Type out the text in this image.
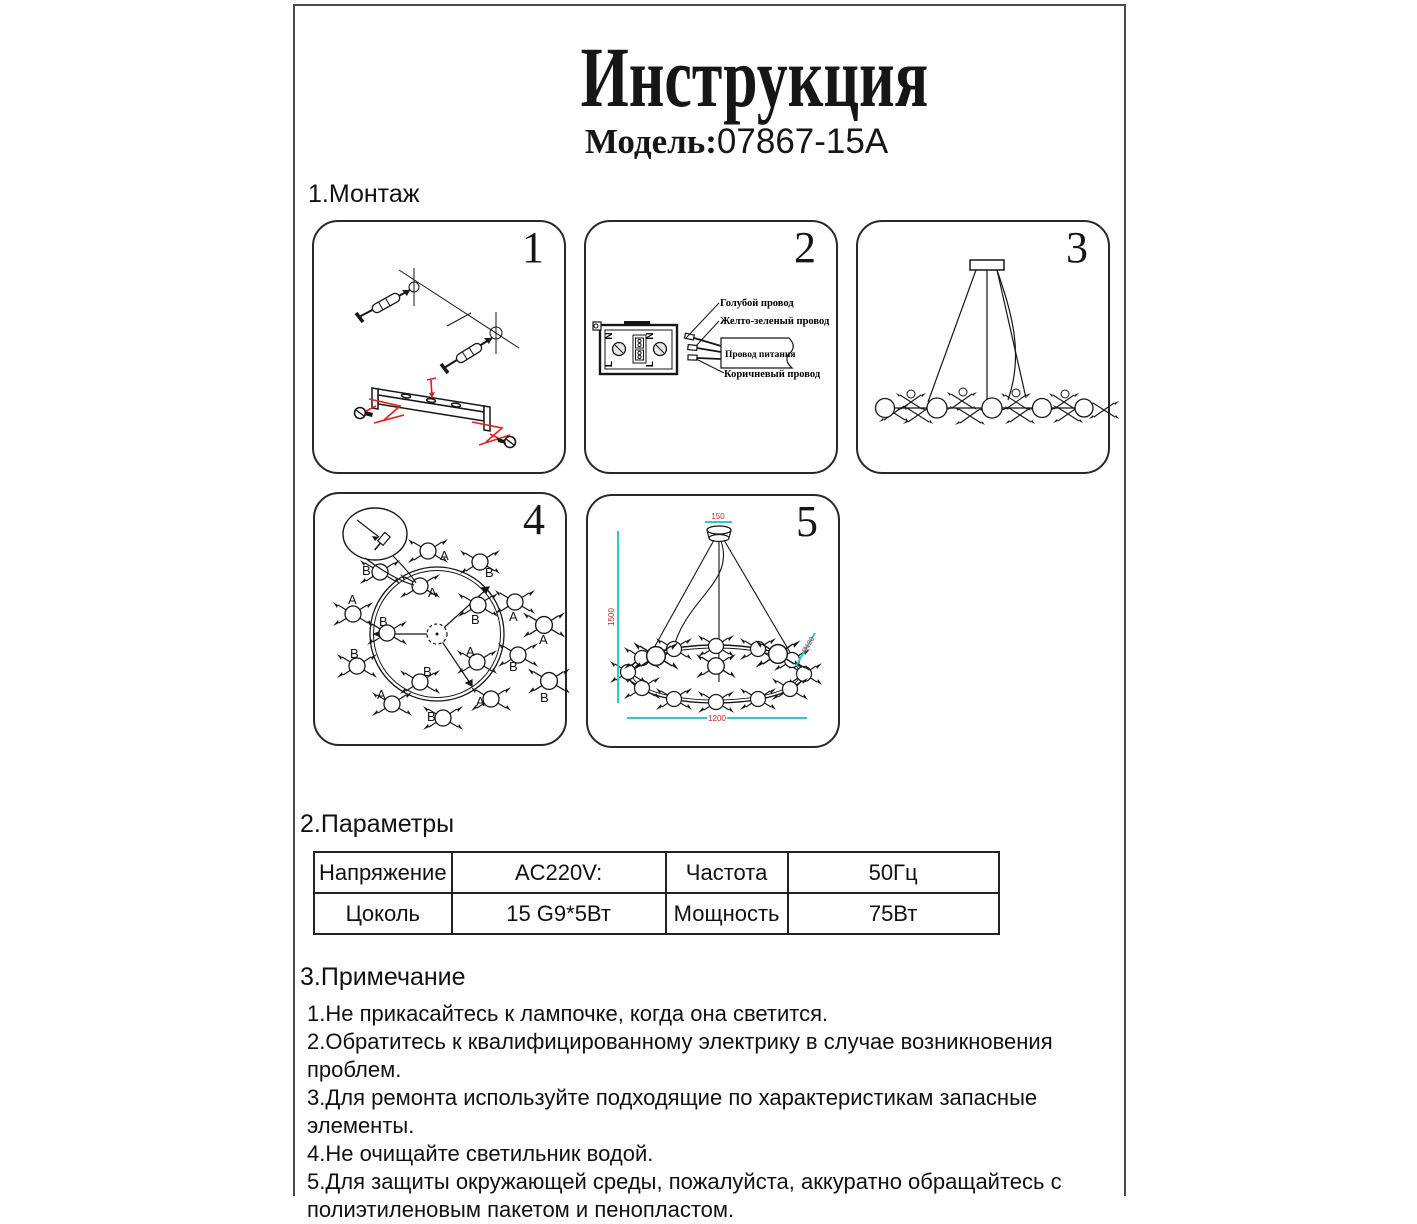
Инструкция
Модель:07867-15A
1.Монтаж
1
N
L
N
L
Голубой провод
Желто-зеленый провод
Провод питания
Коричневый провод
2	3
2.Параметры
A
B
B
A
A
B
A
B
B	A
B
B
A	A
B
A
B
4	150
1500
1200
Ø120
5
Напряжение	AC220V:	Частота	50Гц
Цоколь	15 G9*5Вт	Мощность	75Вт
3.Примечание
1.Не прикасайтесь к лампочке, когда она светится.
2.Обратитесь к квалифицированному электрику в случае возникновения проблем.
3.Для ремонта используйте подходящие по характеристикам запасные элементы.
4.Не очищайте светильник водой.
5.Для защиты окружающей среды, пожалуйста, аккуратно обращайтесь с полиэтиленовым пакетом и пенопластом.
